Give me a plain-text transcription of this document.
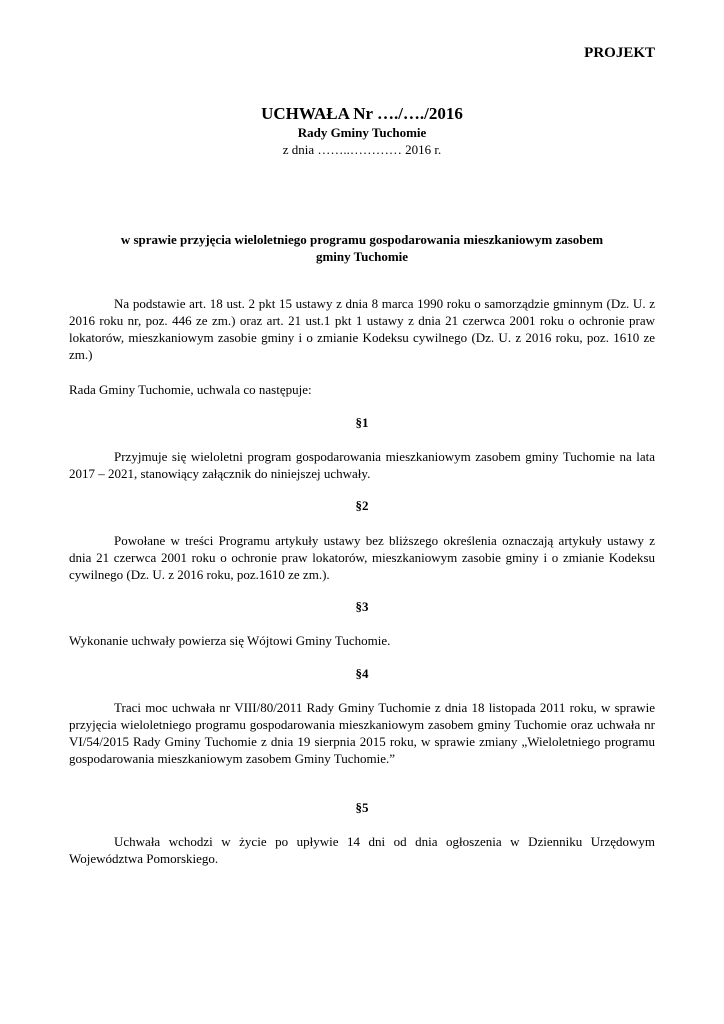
PROJEKT
UCHWAŁA Nr …./…./2016
Rady Gminy Tuchomie
z dnia ……..………… 2016 r.
w sprawie przyjęcia wieloletniego programu gospodarowania mieszkaniowym zasobem
gminy Tuchomie

Na podstawie art. 18 ust. 2 pkt 15 ustawy z dnia 8 marca 1990 roku o samorządzie gminnym (Dz. U. z 2016 roku nr, poz. 446 ze zm.) oraz art. 21 ust.1 pkt 1 ustawy z dnia 21 czerwca 2001 roku o ochronie praw lokatorów, mieszkaniowym zasobie gminy i o zmianie Kodeksu cywilnego (Dz. U. z 2016 roku, poz. 1610 ze zm.)

Rada Gminy Tuchomie, uchwala co następuje:

§1

Przyjmuje się wieloletni program gospodarowania mieszkaniowym zasobem gminy Tuchomie na lata 2017 – 2021, stanowiący załącznik do niniejszej uchwały.

§2

Powołane w treści Programu artykuły ustawy bez bliższego określenia oznaczają artykuły ustawy z dnia 21 czerwca 2001 roku o ochronie praw lokatorów, mieszkaniowym zasobie gminy i o zmianie Kodeksu cywilnego (Dz. U. z 2016 roku, poz.1610 ze zm.).

§3

Wykonanie uchwały powierza się Wójtowi Gminy Tuchomie.

§4

Traci moc uchwała nr VIII/80/2011 Rady Gminy Tuchomie z dnia 18 listopada 2011 roku, w sprawie przyjęcia wieloletniego programu gospodarowania mieszkaniowym zasobem gminy Tuchomie oraz uchwała nr VI/54/2015 Rady Gminy Tuchomie z dnia 19 sierpnia 2015 roku, w sprawie zmiany „Wieloletniego programu gospodarowania mieszkaniowym zasobem Gminy Tuchomie.”

§5

Uchwała wchodzi w życie po upływie 14 dni od dnia ogłoszenia w Dzienniku Urzędowym Województwa Pomorskiego.
